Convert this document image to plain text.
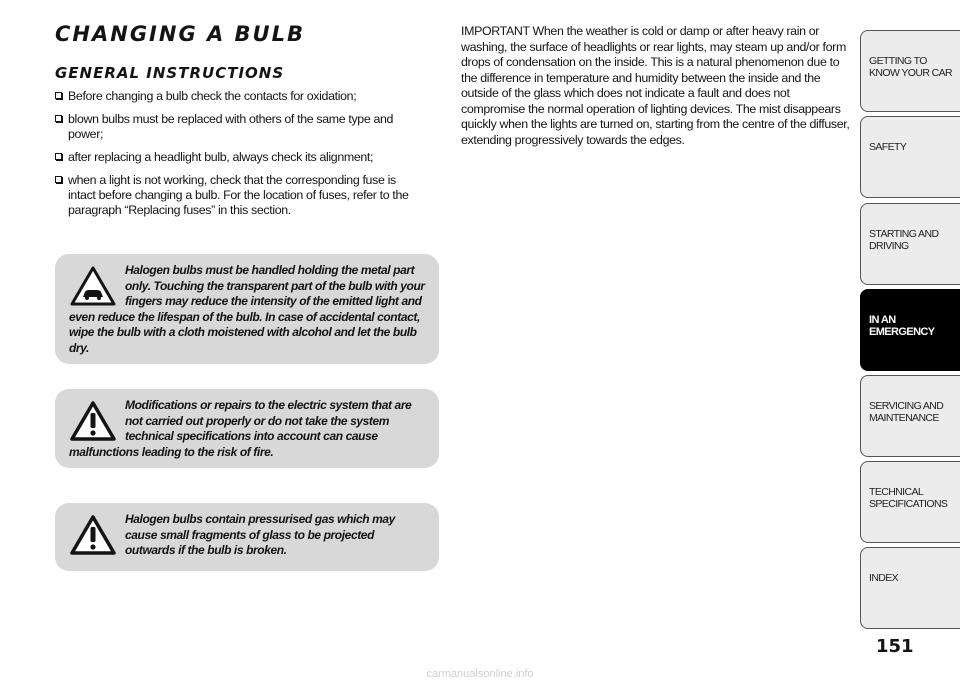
CHANGING A BULB
GENERAL INSTRUCTIONS
Before changing a bulb check the contacts for oxidation;
blown bulbs must be replaced with others of the same type and power;
after replacing a headlight bulb, always check its alignment;
when a light is not working, check that the corresponding fuse is intact before changing a bulb. For the location of fuses, refer to the paragraph “Replacing fuses” in this section.
Halogen bulbs must be handled holding the metal part only. Touching the transparent part of the bulb with your fingers may reduce the intensity of the emitted light and even reduce the lifespan of the bulb. In case of accidental contact, wipe the bulb with a cloth moistened with alcohol and let the bulb dry.
Modifications or repairs to the electric system that are not carried out properly or do not take the system technical specifications into account can cause malfunctions leading to the risk of fire.
Halogen bulbs contain pressurised gas which may cause small fragments of glass to be projected outwards if the bulb is broken.

IMPORTANT When the weather is cold or damp or after heavy rain or washing, the surface of headlights or rear lights, may steam up and/or form drops of condensation on the inside. This is a natural phenomenon due to the difference in temperature and humidity between the inside and the outside of the glass which does not indicate a fault and does not compromise the normal operation of lighting devices. The mist disappears quickly when the lights are turned on, starting from the centre of the diffuser, extending progressively towards the edges.

GETTING TO KNOW YOUR CAR
SAFETY
STARTING AND DRIVING
IN AN EMERGENCY
SERVICING AND MAINTENANCE
TECHNICAL SPECIFICATIONS
INDEX
151
carmanualsonline.info
